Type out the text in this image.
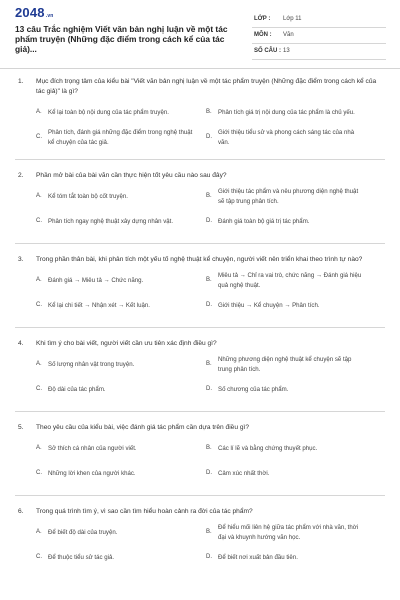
2048.vn
13 câu Trắc nghiệm Viết văn bản nghị luận về một tác phẩm truyện (Những đặc điểm trong cách kể của tác giả)...
LỚP : Lớp 11
MÔN : Văn
SỐ CÂU : 13
1.	Mục đích trọng tâm của kiểu bài "Viết văn bản nghị luận về một tác phẩm truyện (Những đặc điểm trong cách kể của tác giả)" là gì?
A.	Kể lại toàn bộ nội dung của tác phẩm truyện.	B.	Phân tích giá trị nội dung của tác phẩm là chủ yếu.
C.
Phân tích, đánh giá những đặc điểm trong nghệ thuật kể chuyện của tác giả.
D.
Giới thiệu tiểu sử và phong cách sáng tác của nhà văn.
2.	Phần mở bài của bài văn cần thực hiện tốt yêu cầu nào sau đây?
A.	Kể tóm tắt toàn bộ cốt truyện.	B.
Giới thiệu tác phẩm và nêu phương diện nghệ thuật sẽ tập trung phân tích.
C. Phân tích ngay nghệ thuật xây dựng nhân vật.	D. Đánh giá toàn bộ giá trị tác phẩm.
3.	Trong phần thân bài, khi phân tích một yếu tố nghệ thuật kể chuyện, người viết nên triển khai theo trình tự nào?
A.	Đánh giá → Miêu tả → Chức năng.	B.
Miêu tả → Chỉ ra vai trò, chức năng → Đánh giá hiệu quả nghệ thuật.
C. Kể lại chi tiết → Nhận xét → Kết luận.	D. Giới thiệu → Kể chuyện → Phân tích.
4.	Khi tìm ý cho bài viết, người viết cần ưu tiên xác định điều gì?
A.	Số lượng nhân vật trong truyện.	B.
Những phương diện nghệ thuật kể chuyện sẽ tập trung phân tích.
C. Độ dài của tác phẩm.	D. Số chương của tác phẩm.
5.	Theo yêu cầu của kiểu bài, việc đánh giá tác phẩm cần dựa trên điều gì?
A.	Sở thích cá nhân của người viết.	B.	Các lí lẽ và bằng chứng thuyết phục.
C. Những lời khen của người khác.	D. Cảm xúc nhất thời.
6.	Trong quá trình tìm ý, vì sao cần tìm hiểu hoàn cảnh ra đời của tác phẩm?
A.	Để biết độ dài của truyện.	B.
Để hiểu mối liên hệ giữa tác phẩm với nhà văn, thời đại và khuynh hướng văn học.
C. Để thuộc tiểu sử tác giả.	D. Để biết nơi xuất bản đầu tiên.
